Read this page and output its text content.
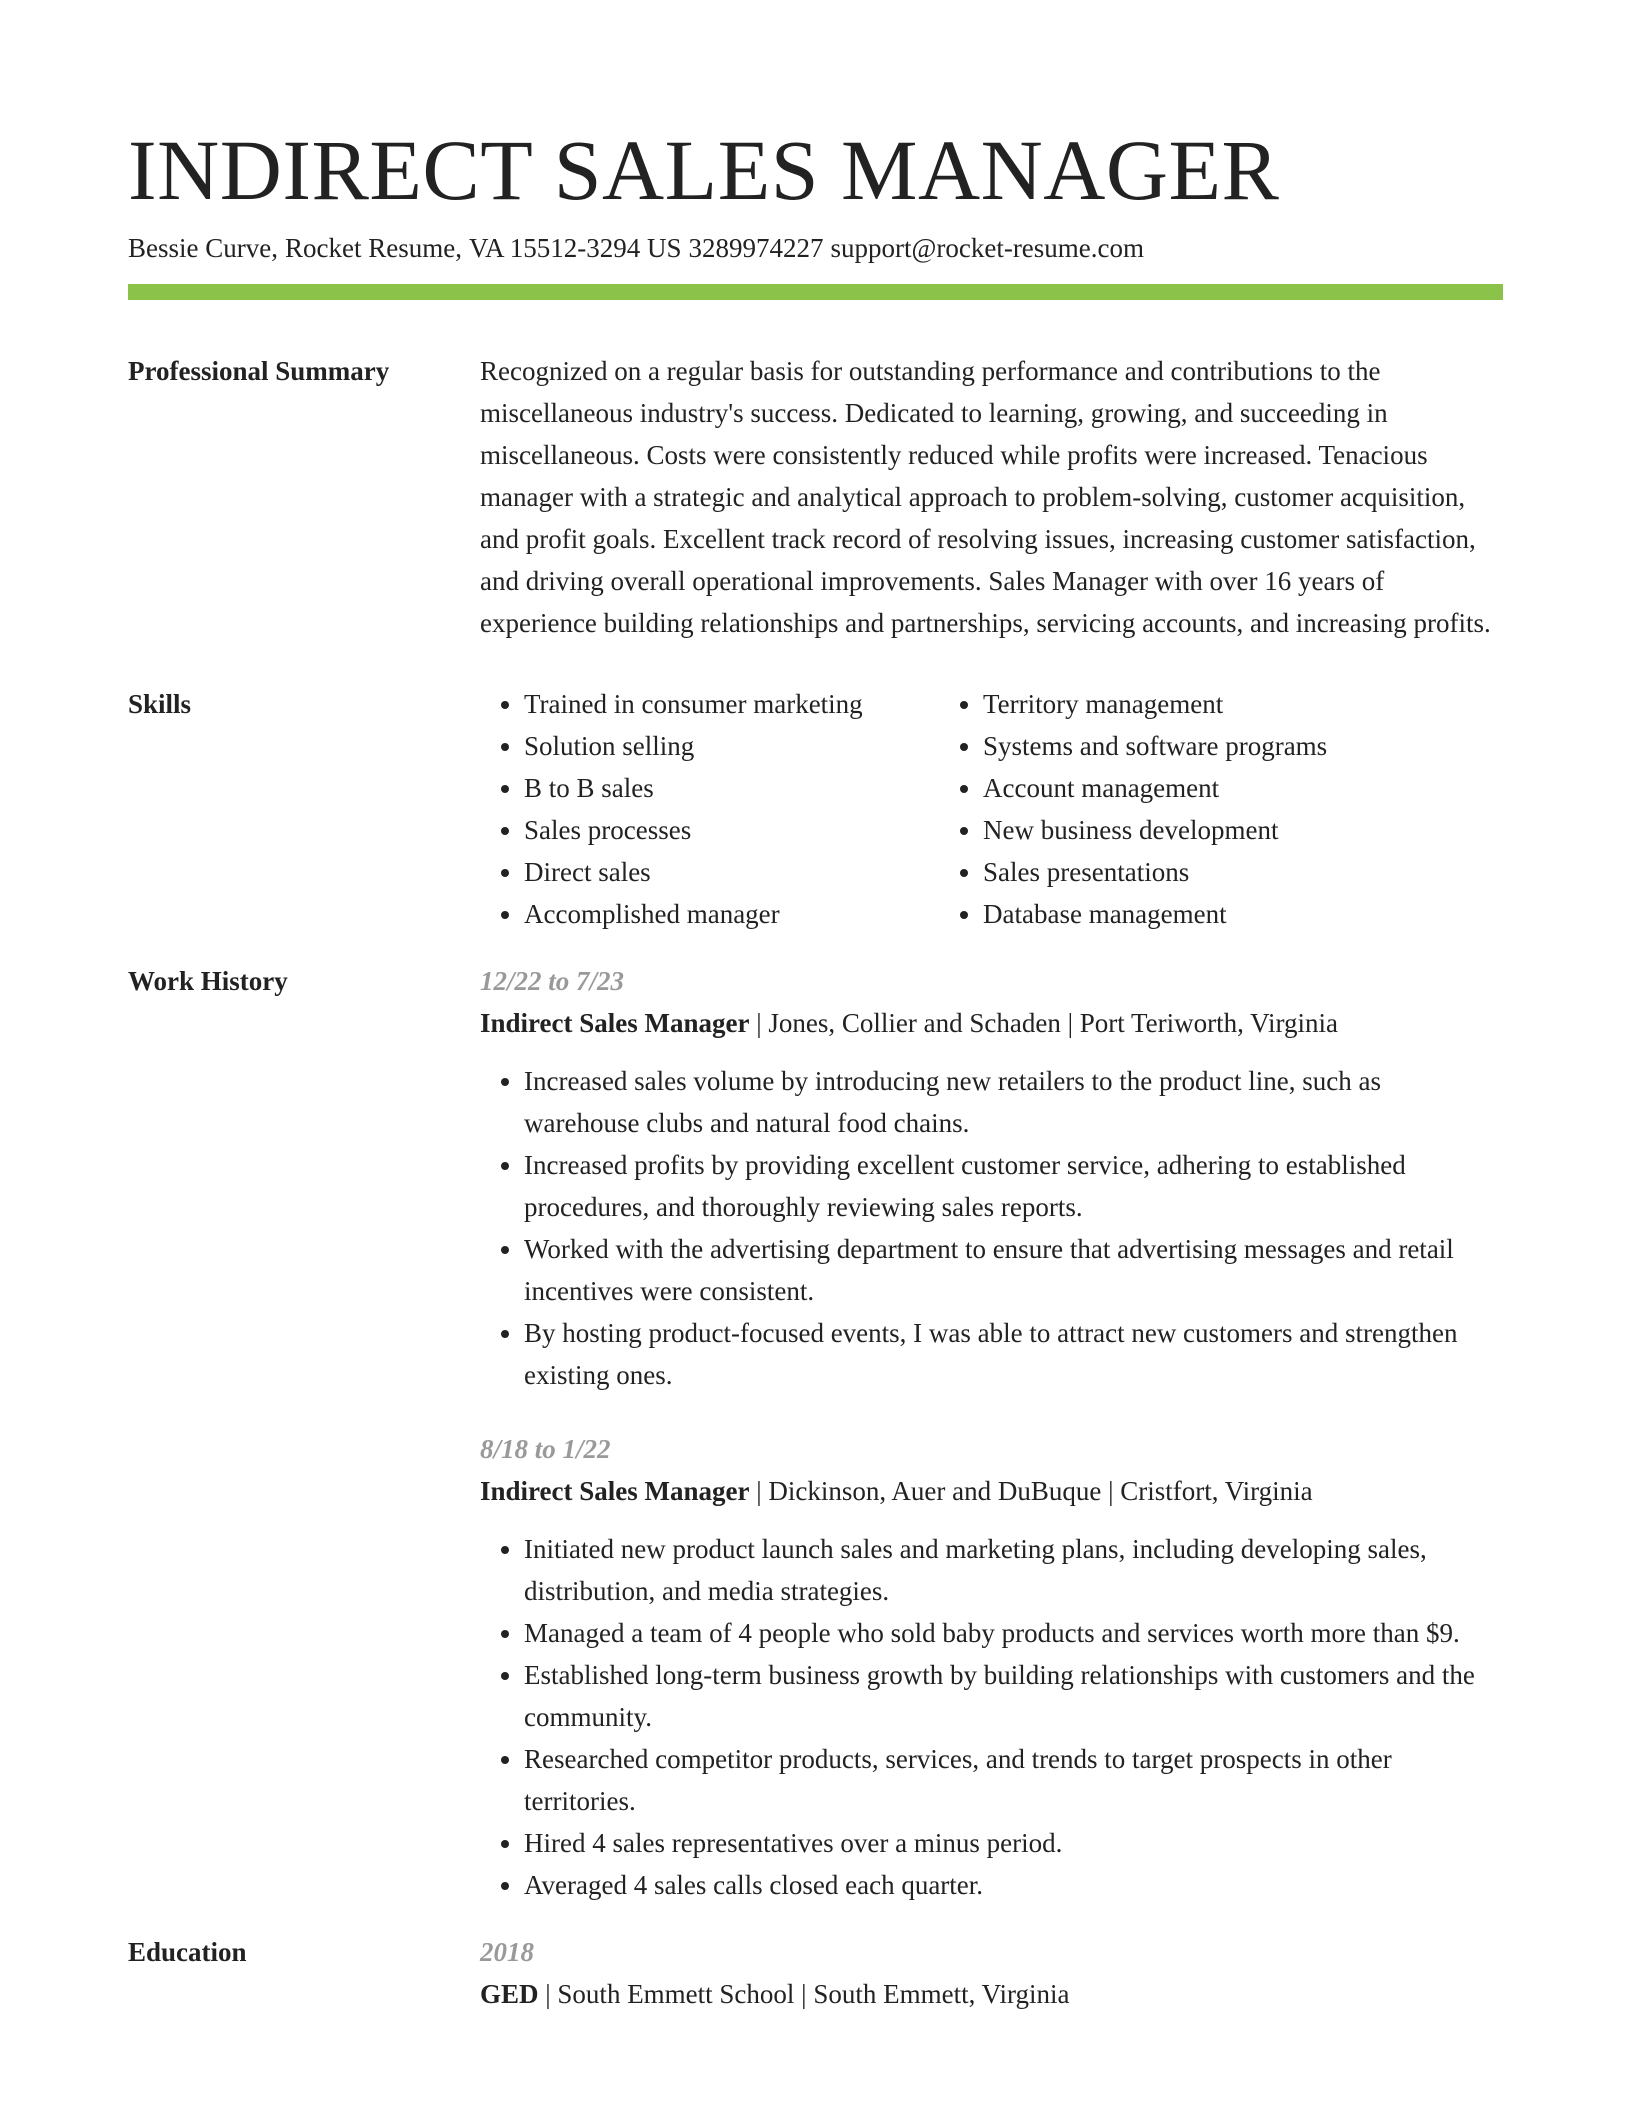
INDIRECT SALES MANAGER
Bessie Curve, Rocket Resume, VA 15512-3294 US 3289974227 support@rocket-resume.com
Professional Summary	Recognized on a regular basis for outstanding performance and contributions to the miscellaneous industry's success. Dedicated to learning, growing, and succeeding in miscellaneous. Costs were consistently reduced while profits were increased. Tenacious manager with a strategic and analytical approach to problem-solving, customer acquisition, and profit goals. Excellent track record of resolving issues, increasing customer satisfaction, and driving overall operational improvements. Sales Manager with over 16 years of experience building relationships and partnerships, servicing accounts, and increasing profits.

Skills
•	Trained in consumer marketing
• Solution selling
• B to B sales
• Sales processes
• Direct sales
• Accomplished manager
• Territory management
• Systems and software programs
• Account management
• New business development
• Sales presentations
• Database management
Work History	12/22 to 7/23
Indirect Sales Manager | Jones, Collier and Schaden | Port Teriworth, Virginia
• Increased sales volume by introducing new retailers to the product line, such as warehouse clubs and natural food chains.
• Increased profits by providing excellent customer service, adhering to established procedures, and thoroughly reviewing sales reports.
• Worked with the advertising department to ensure that advertising messages and retail incentives were consistent.
• By hosting product-focused events, I was able to attract new customers and strengthen existing ones.
8/18 to 1/22
Indirect Sales Manager | Dickinson, Auer and DuBuque | Cristfort, Virginia
• Initiated new product launch sales and marketing plans, including developing sales, distribution, and media strategies.
• Managed a team of 4 people who sold baby products and services worth more than $9.
• Established long-term business growth by building relationships with customers and the community.
• Researched competitor products, services, and trends to target prospects in other territories.
• Hired 4 sales representatives over a minus period.
• Averaged 4 sales calls closed each quarter.
Education	2018
GED | South Emmett School | South Emmett, Virginia
